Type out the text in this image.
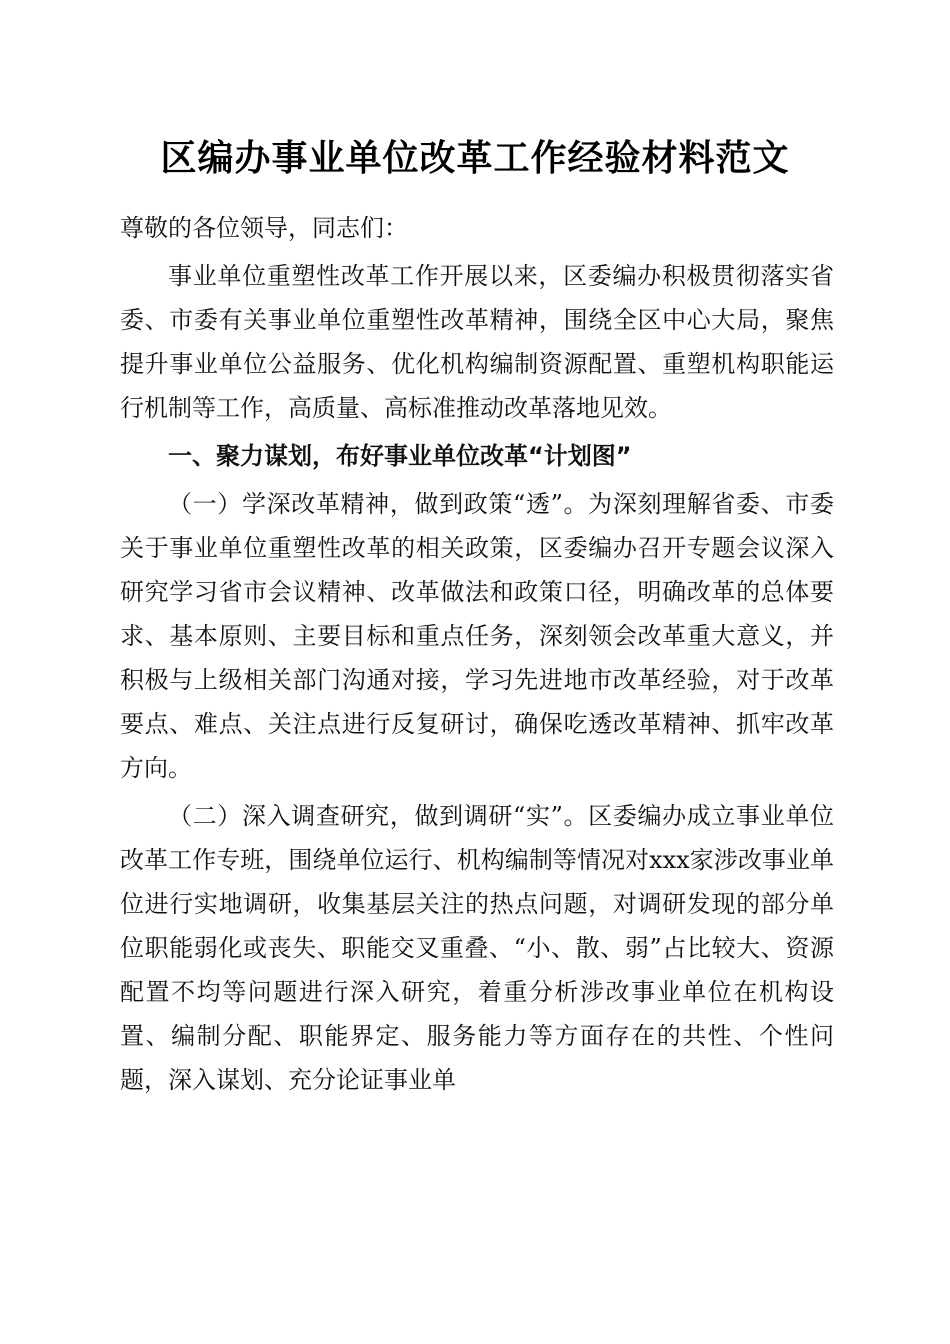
区编办事业单位改革工作经验材料范文

尊敬的各位领导，同志们：

事业单位重塑性改革工作开展以来，区委编办积极贯彻落实省委、市委有关事业单位重塑性改革精神，围绕全区中心大局，聚焦提升事业单位公益服务、优化机构编制资源配置、重塑机构职能运行机制等工作，高质量、高标准推动改革落地见效。

一、聚力谋划，布好事业单位改革“计划图”

（一）学深改革精神，做到政策“透”。为深刻理解省委、市委关于事业单位重塑性改革的相关政策，区委编办召开专题会议深入研究学习省市会议精神、改革做法和政策口径，明确改革的总体要求、基本原则、主要目标和重点任务，深刻领会改革重大意义，并积极与上级相关部门沟通对接，学习先进地市改革经验，对于改革要点、难点、关注点进行反复研讨，确保吃透改革精神、抓牢改革方向。

（二）深入调查研究，做到调研“实”。区委编办成立事业单位改革工作专班，围绕单位运行、机构编制等情况对xxx家涉改事业单位进行实地调研，收集基层关注的热点问题，对调研发现的部分单位职能弱化或丧失、职能交叉重叠、“小、散、弱”占比较大、资源配置不均等问题进行深入研究，着重分析涉改事业单位在机构设置、编制分配、职能界定、服务能力等方面存在的共性、个性问题，深入谋划、充分论证事业单
